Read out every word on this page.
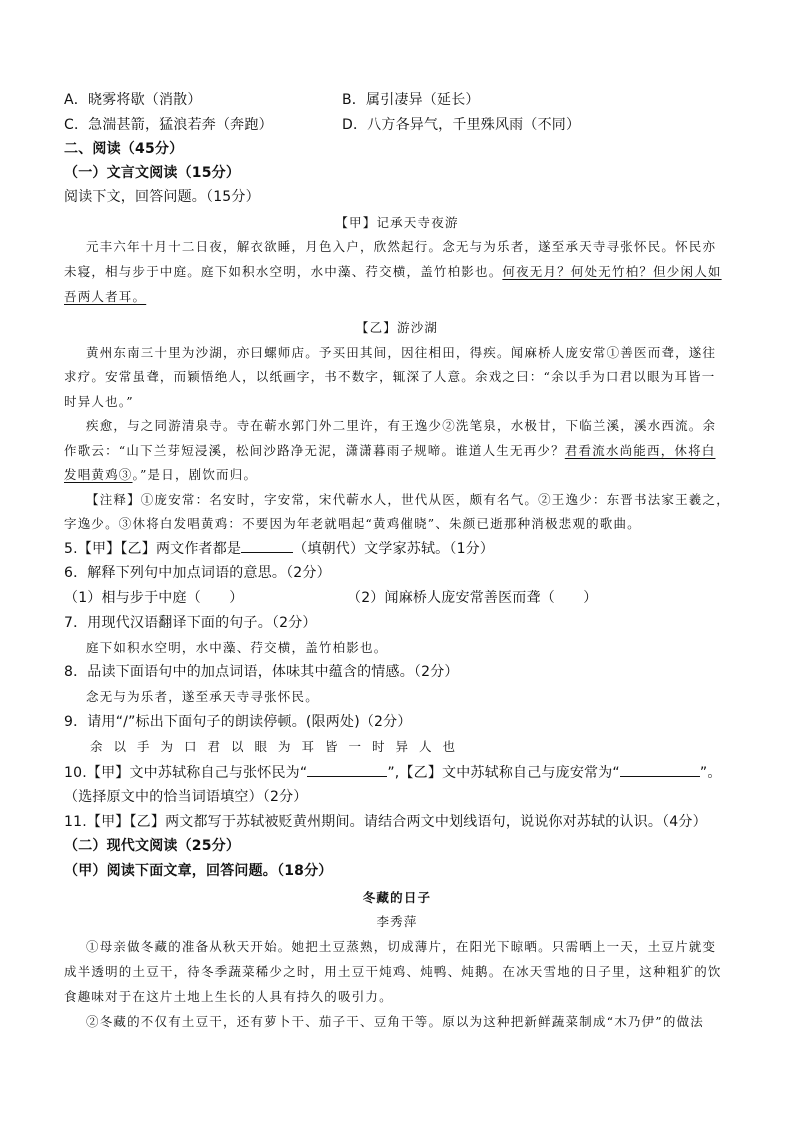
A．晓雾将歇（消散）	B．属引凄异（延长）
C．急湍甚箭，猛浪若奔（奔跑）	D．八方各异气，千里殊风雨（不同）
二、阅读（45分）
（一）文言文阅读（15分）
阅读下文，回答问题。（15分）
【甲】记承天寺夜游
元丰六年十月十二日夜，解衣欲睡，月色入户，欣然起行。念无与为乐者，遂至承天寺寻张怀民。怀民亦
未寝，相与步于中庭。庭下如积水空明，水中藻、荇交横，盖竹柏影也。何夜无月？何处无竹柏？但少闲人如
吾两人者耳。
【乙】游沙湖
黄州东南三十里为沙湖，亦曰螺师店。予买田其间，因往相田，得疾。闻麻桥人庞安常①善医而聋，遂往
求疗。安常虽聋，而颖悟绝人，以纸画字，书不数字，辄深了人意。余戏之曰：“余以手为口君以眼为耳皆一
时异人也。”
疾愈，与之同游清泉寺。寺在蕲水郭门外二里许，有王逸少②洗笔泉，水极甘，下临兰溪，溪水西流。余
作歌云：“山下兰芽短浸溪，松间沙路净无泥，潇潇暮雨子规啼。谁道人生无再少？君看流水尚能西，休将白
发唱黄鸡③。”是日，剧饮而归。
【注释】①庞安常：名安时，字安常，宋代蕲水人，世代从医，颇有名气。②王逸少：东晋书法家王羲之，
字逸少。③休将白发唱黄鸡：不要因为年老就唱起“黄鸡催晓”、朱颜已逝那种消极悲观的歌曲。
5.【甲】【乙】两文作者都是	（填朝代）文学家苏轼。（1分）
6．解释下列句中加点词语的意思。（2分）
（1）相与步于中庭（　　）	（2）闻麻桥人庞安常善医而聋（　　）
7．用现代汉语翻译下面的句子。（2分）
庭下如积水空明，水中藻、荇交横，盖竹柏影也。
8．品读下面语句中的加点词语，体味其中蕴含的情感。（2分）
念无与为乐者，遂至承天寺寻张怀民。
9．请用“/”标出下面句子的朗读停顿。(限两处)（2分）
余以手为口君以眼为耳皆一时异人也
10.【甲】文中苏轼称自己与张怀民为“	”,【乙】文中苏轼称自己与庞安常为“	”。
（选择原文中的恰当词语填空）（2分）
11.【甲】【乙】两文都写于苏轼被贬黄州期间。请结合两文中划线语句，说说你对苏轼的认识。（4分）
（二）现代文阅读（25分）
（甲）阅读下面文章，回答问题。（18分）
冬藏的日子
李秀萍
①母亲做冬藏的准备从秋天开始。她把土豆蒸熟，切成薄片，在阳光下晾晒。只需晒上一天，土豆片就变
成半透明的土豆干，待冬季蔬菜稀少之时，用土豆干炖鸡、炖鸭、炖鹅。在冰天雪地的日子里，这种粗犷的饮
食趣味对于在这片土地上生长的人具有持久的吸引力。
②冬藏的不仅有土豆干，还有萝卜干、茄子干、豆角干等。原以为这种把新鲜蔬菜制成“木乃伊”的做法
